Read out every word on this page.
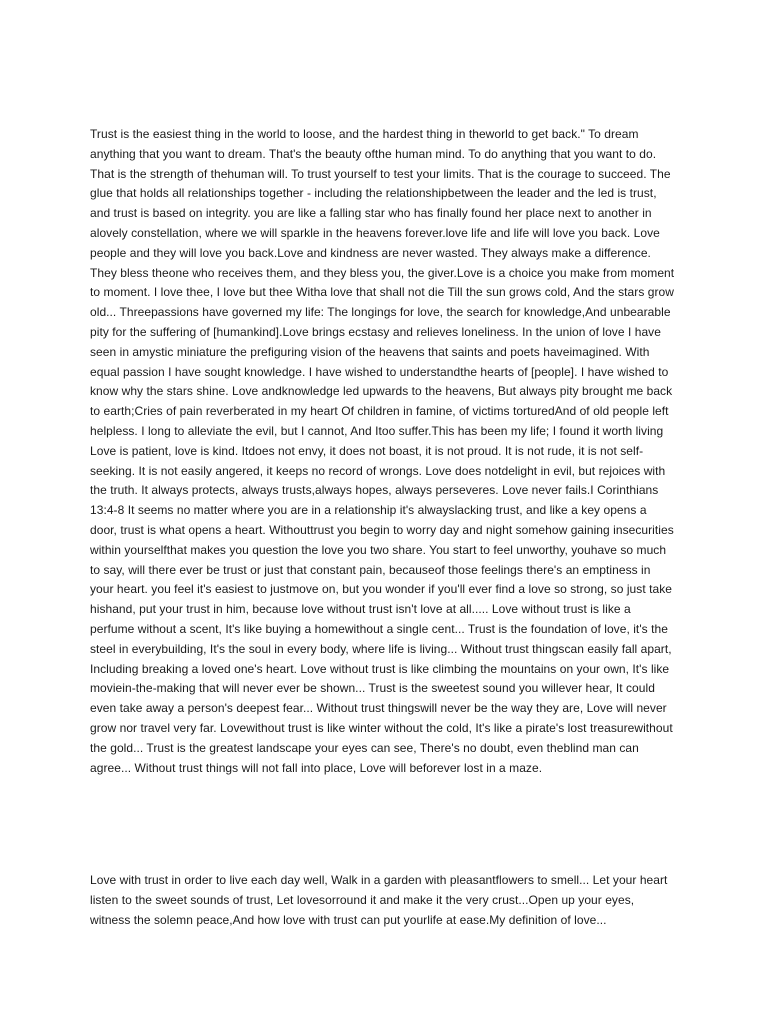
Trust is the easiest thing in the world to loose, and the hardest thing in theworld to get back." To dream anything that you want to dream. That's the beauty ofthe human mind. To do anything that you want to do. That is the strength of thehuman will. To trust yourself to test your limits. That is the courage to succeed. The glue that holds all relationships together - including the relationshipbetween the leader and the led is trust, and trust is based on integrity. you are like a falling star who has finally found her place next to another in alovely constellation, where we will sparkle in the heavens forever.love life and life will love you back. Love people and they will love you back.Love and kindness are never wasted. They always make a difference. They bless theone who receives them, and they bless you, the giver.Love is a choice you make from moment to moment. I love thee, I love but thee Witha love that shall not die Till the sun grows cold, And the stars grow old... Threepassions have governed my life: The longings for love, the search for knowledge,And unbearable pity for the suffering of [humankind].Love brings ecstasy and relieves loneliness. In the union of love I have seen in amystic miniature the prefiguring vision of the heavens that saints and poets haveimagined. With equal passion I have sought knowledge. I have wished to understandthe hearts of [people]. I have wished to know why the stars shine. Love andknowledge led upwards to the heavens, But always pity brought me back to earth;Cries of pain reverberated in my heart Of children in famine, of victims torturedAnd of old people left helpless. I long to alleviate the evil, but I cannot, And Itoo suffer.This has been my life; I found it worth living Love is patient, love is kind. Itdoes not envy, it does not boast, it is not proud. It is not rude, it is not self-seeking. It is not easily angered, it keeps no record of wrongs. Love does notdelight in evil, but rejoices with the truth. It always protects, always trusts,always hopes, always perseveres. Love never fails.I Corinthians 13:4-8 It seems no matter where you are in a relationship it's alwayslacking trust, and like a key opens a door, trust is what opens a heart. Withouttrust you begin to worry day and night somehow gaining insecurities within yourselfthat makes you question the love you two share. You start to feel unworthy, youhave so much to say, will there ever be trust or just that constant pain, becauseof those feelings there's an emptiness in your heart. you feel it's easiest to justmove on, but you wonder if you'll ever find a love so strong, so just take hishand, put your trust in him, because love without trust isn't love at all..... Love without trust is like a perfume without a scent, It's like buying a homewithout a single cent... Trust is the foundation of love, it's the steel in everybuilding, It's the soul in every body, where life is living... Without trust thingscan easily fall apart, Including breaking a loved one's heart. Love without trust is like climbing the mountains on your own, It's like moviein-the-making that will never ever be shown... Trust is the sweetest sound you willever hear, It could even take away a person's deepest fear... Without trust thingswill never be the way they are, Love will never grow nor travel very far. Lovewithout trust is like winter without the cold, It's like a pirate's lost treasurewithout the gold... Trust is the greatest landscape your eyes can see, There's no doubt, even theblind man can agree... Without trust things will not fall into place, Love will beforever lost in a maze.

Love with trust in order to live each day well, Walk in a garden with pleasantflowers to smell... Let your heart listen to the sweet sounds of trust, Let lovesorround it and make it the very crust...Open up your eyes, witness the solemn peace,And how love with trust can put yourlife at ease.My definition of love...
